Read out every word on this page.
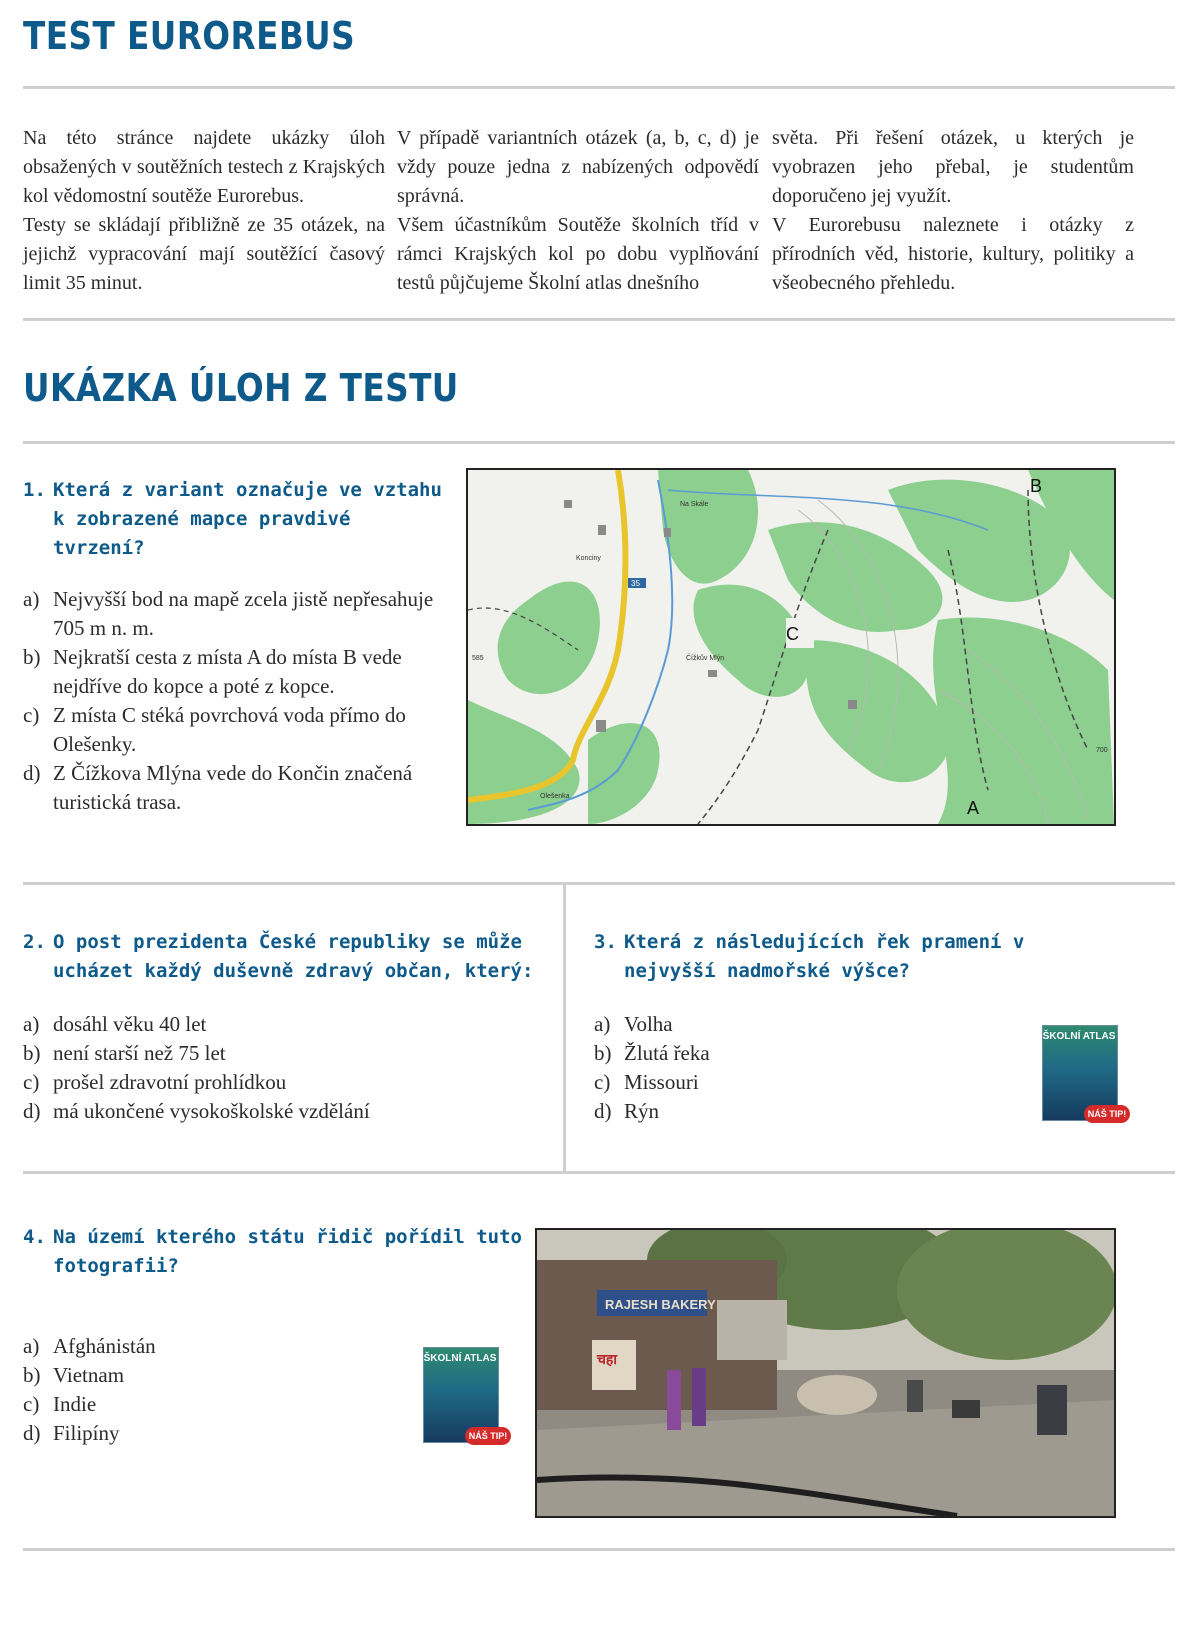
TEST EUROREBUS

Na této stránce najdete ukázky úloh obsažených v soutěžních testech z Krajských kol vědomostní soutěže Eurorebus.

Testy se skládají přibližně ze 35 otázek, na jejichž vypracování mají soutěžící časový limit 35 minut.

V případě variantních otázek (a, b, c, d) je vždy pouze jedna z nabízených odpovědí správná.

Všem účastníkům Soutěže školních tříd v rámci Krajských kol po dobu vyplňování testů půjčujeme Školní atlas dnešního

světa. Při řešení otázek, u kterých je vyobrazen jeho přebal, je studentům doporučeno jej využít.

V Eurorebusu naleznete i otázky z přírodních věd, historie, kultury, politiky a všeobecného přehledu.

UKÁZKA ÚLOH Z TESTU
1. Která z variant označuje ve vztahu k zobrazené mapce pravdivé tvrzení?
a) Nejvyšší bod na mapě zcela jistě nepřesahuje 705 m n. m.
b) Nejkratší cesta z místa A do místa B vede nejdříve do kopce a poté z kopce.
c) Z místa C stéká povrchová voda přímo do Olešenky.
d) Z Čížkova Mlýna vede do Končin značená turistická trasa.
C
B
A
Na Skále
Konciny
Čížkův Mlýn
Olešenka
35
585
700
2. O post prezidenta České republiky se může ucházet každý duševně zdravý občan, který:
a) dosáhl věku 40 let
b) není starší než 75 let
c) prošel zdravotní prohlídkou
d) má ukončené vysokoškolské vzdělání
3. Která z následujících řek pramení v nejvyšší nadmořské výšce?
a) Volha
b) Žlutá řeka
c) Missouri
d) Rýn
ŠKOLNÍ ATLAS
NÁŠ TIP!
4. Na území kterého státu řidič pořídil tuto fotografii?
a) Afghánistán
b) Vietnam
c) Indie
d) Filipíny
ŠKOLNÍ ATLAS
NÁŠ TIP!
RAJESH BAKERY
चहा
